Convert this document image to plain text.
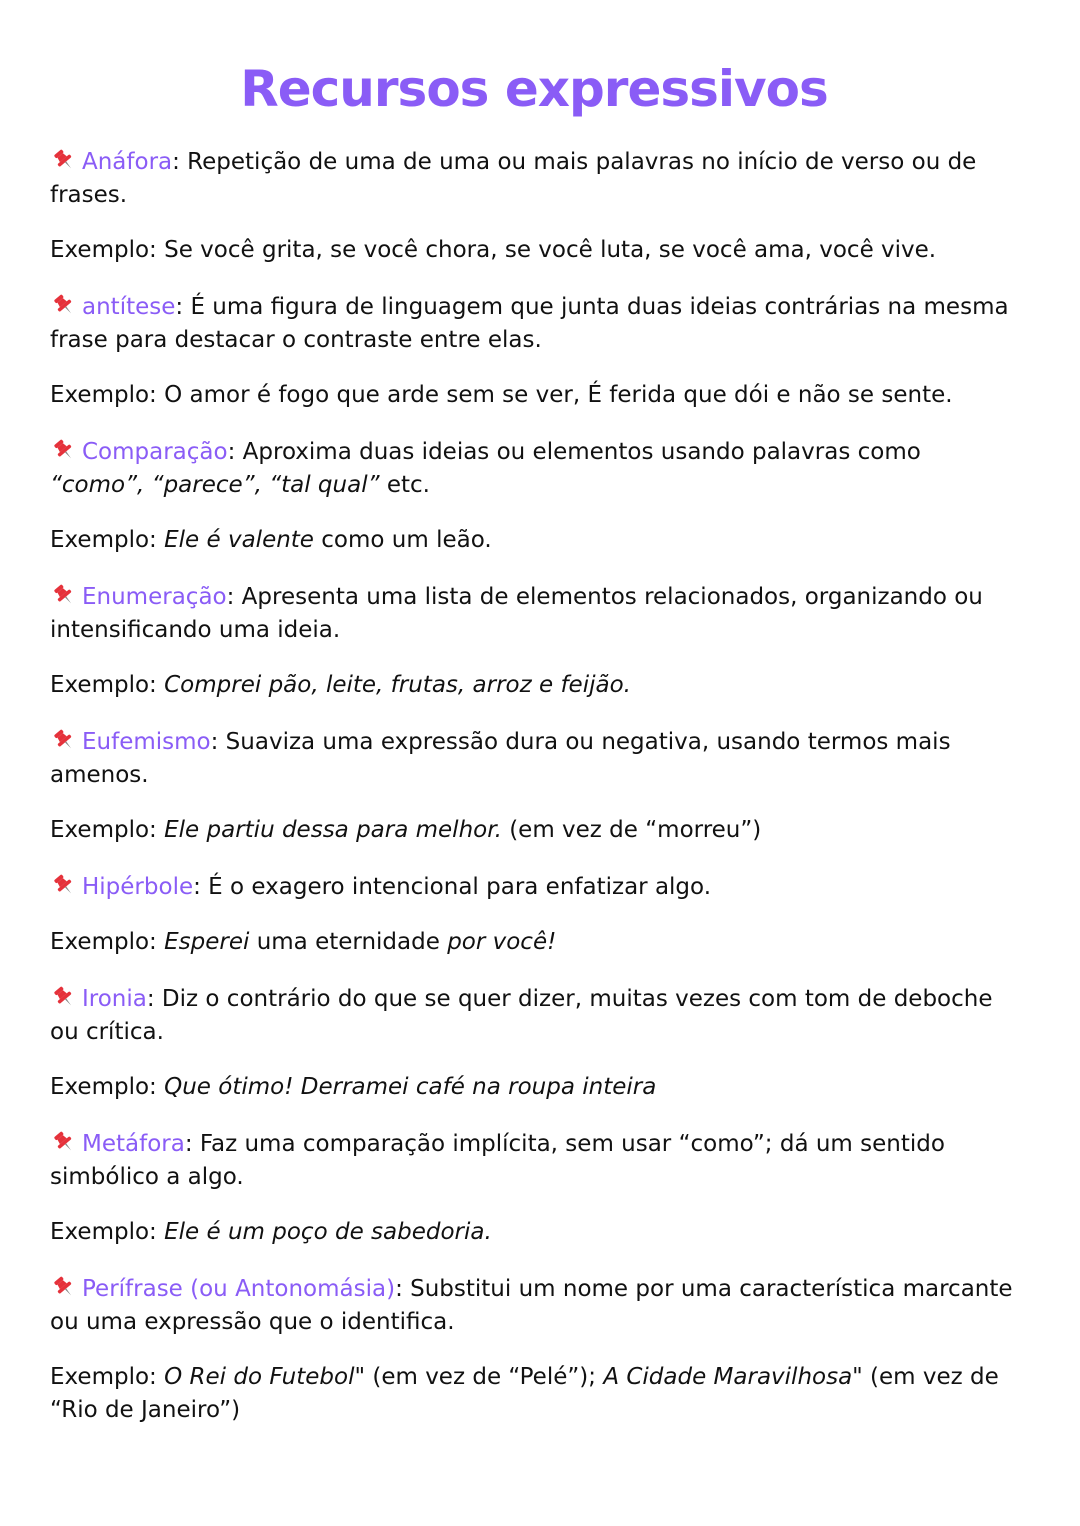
Recursos expressivos

Anáfora: Repetição de uma de uma ou mais palavras no início de verso ou de frases.

Exemplo: Se você grita, se você chora, se você luta, se você ama, você vive.

antítese: É uma figura de linguagem que junta duas ideias contrárias na mesma frase para destacar o contraste entre elas.

Exemplo: O amor é fogo que arde sem se ver, É ferida que dói e não se sente.

Comparação: Aproxima duas ideias ou elementos usando palavras como “como”, “parece”, “tal qual” etc.

Exemplo: Ele é valente como um leão.

Enumeração: Apresenta uma lista de elementos relacionados, organizando ou intensificando uma ideia.

Exemplo: Comprei pão, leite, frutas, arroz e feijão.

Eufemismo: Suaviza uma expressão dura ou negativa, usando termos mais amenos.

Exemplo: Ele partiu dessa para melhor. (em vez de “morreu”)

Hipérbole: É o exagero intencional para enfatizar algo.

Exemplo: Esperei uma eternidade por você!

Ironia: Diz o contrário do que se quer dizer, muitas vezes com tom de deboche ou crítica.

Exemplo: Que ótimo! Derramei café na roupa inteira

Metáfora: Faz uma comparação implícita, sem usar “como”; dá um sentido simbólico a algo.

Exemplo: Ele é um poço de sabedoria.

Perífrase (ou Antonomásia): Substitui um nome por uma característica marcante ou uma expressão que o identifica.

Exemplo: O Rei do Futebol" (em vez de “Pelé”); A Cidade Maravilhosa" (em vez de “Rio de Janeiro”)
